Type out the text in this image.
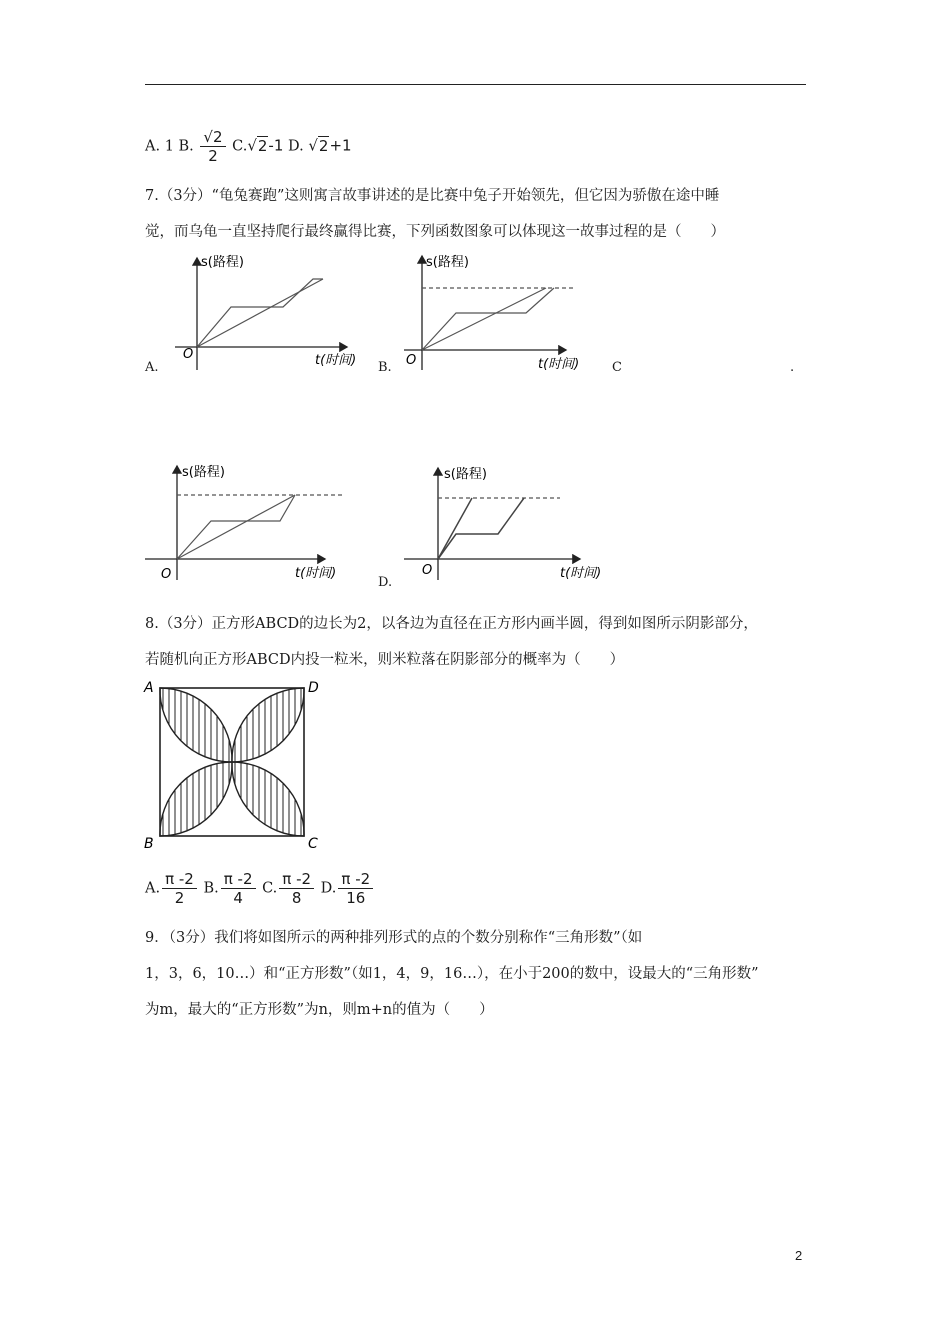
A. 1 B. $\frac{√2}{2} C.√2-1$ D. √2+1
7.（3分）“龟兔赛跑”这则寓言故事讲述的是比赛中兔子开始领先，但它因为骄傲在途中睡
觉，而乌龟一直坚持爬行最终赢得比赛，下列函数图象可以体现这一故事过程的是（　　）
s(路程)
t(时间)
O
A.
s(路程)
t(时间)
O
B.	C	.
s(路程)
t(时间)
O
s(路程)
t(时间)
O
D.
8.（3分）正方形ABCD的边长为2，以各边为直径在正方形内画半圆，得到如图所示阴影部分，
若随机向正方形ABCD内投一粒米，则米粒落在阴影部分的概率为（　　）
A	D
B	C
A. $\frac{\pi -2}{2} B$. $\frac{\pi -2}{4} C$. $\frac{\pi -2}{8} D$. $\frac{\pi -2}{16}$
9．（3分）我们将如图所示的两种排列形式的点的个数分别称作“三角形数”（如
1，3，6，10…）和“正方形数”（如1，4，9，16…），在小于200的数中，设最大的“三角形数”
为m，最大的“正方形数”为n，则m+n的值为（　　）
2
